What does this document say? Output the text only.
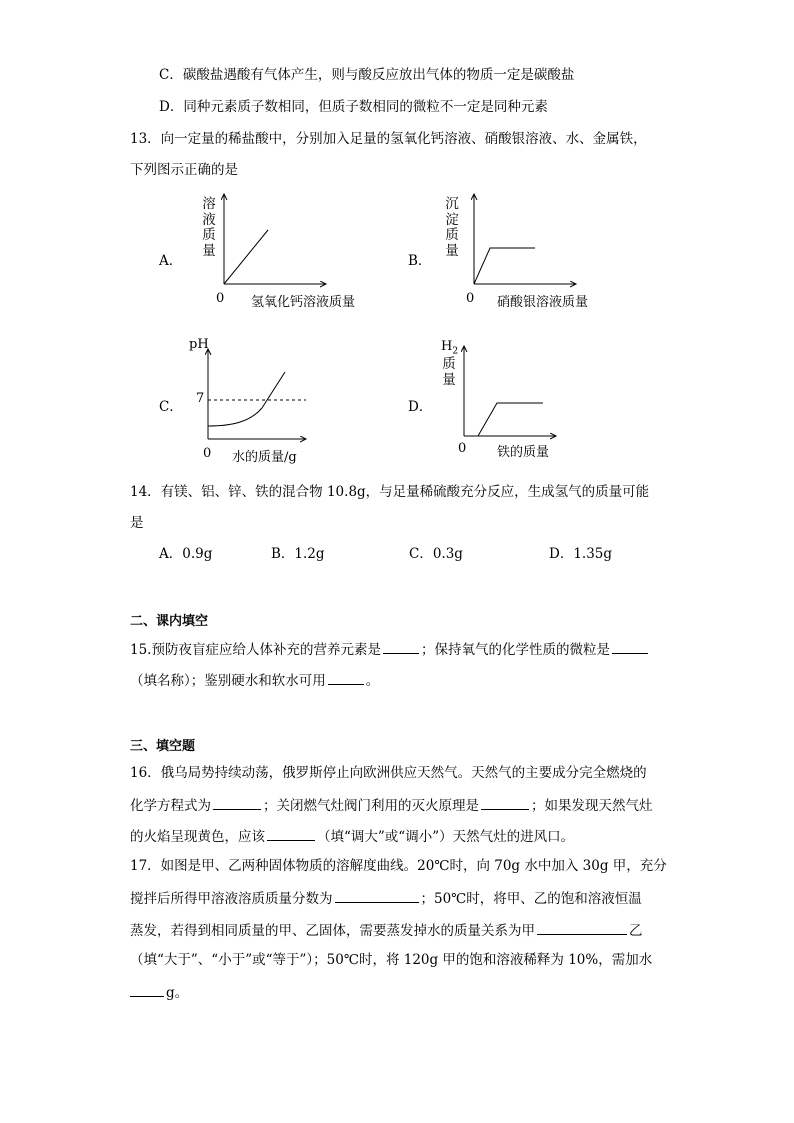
C．碳酸盐遇酸有气体产生，则与酸反应放出气体的物质一定是碳酸盐
D．同种元素质子数相同，但质子数相同的微粒不一定是同种元素
13．向一定量的稀盐酸中，分别加入足量的氢氧化钙溶液、硝酸银溶液、水、金属铁，
下列图示正确的是
A．
溶
液
质
量
0 氢氧化钙溶液质量
B．
沉
淀
质
量
0 硝酸银溶液质量
C．
pH
7
0 水的质量/g
D．
$H_2$
质
量
0 铁的质量
14．有镁、铝、锌、铁的混合物 10.8g，与足量稀硫酸充分反应，生成氢气的质量可能
是
A．0.9g	B．1.2g	C．0.3g	D．1.35g
二、课内填空
15.预防夜盲症应给人体补充的营养元素是	；保持氧气的化学性质的微粒是
（填名称）；鉴别硬水和软水可用	。
三、填空题
16．俄乌局势持续动荡，俄罗斯停止向欧洲供应天然气。天然气的主要成分完全燃烧的
化学方程式为	；关闭燃气灶阀门利用的灭火原理是	；如果发现天然气灶
的火焰呈现黄色，应该	（填“调大”或“调小”）天然气灶的进风口。
17．如图是甲、乙两种固体物质的溶解度曲线。20℃时，向 70g 水中加入 30g 甲，充分
搅拌后所得甲溶液溶质质量分数为	；50℃时，将甲、乙的饱和溶液恒温
蒸发，若得到相同质量的甲、乙固体，需要蒸发掉水的质量关系为甲	乙
（填“大于”、“小于”或“等于”）；50℃时，将 120g 甲的饱和溶液稀释为 10%，需加水
g。
